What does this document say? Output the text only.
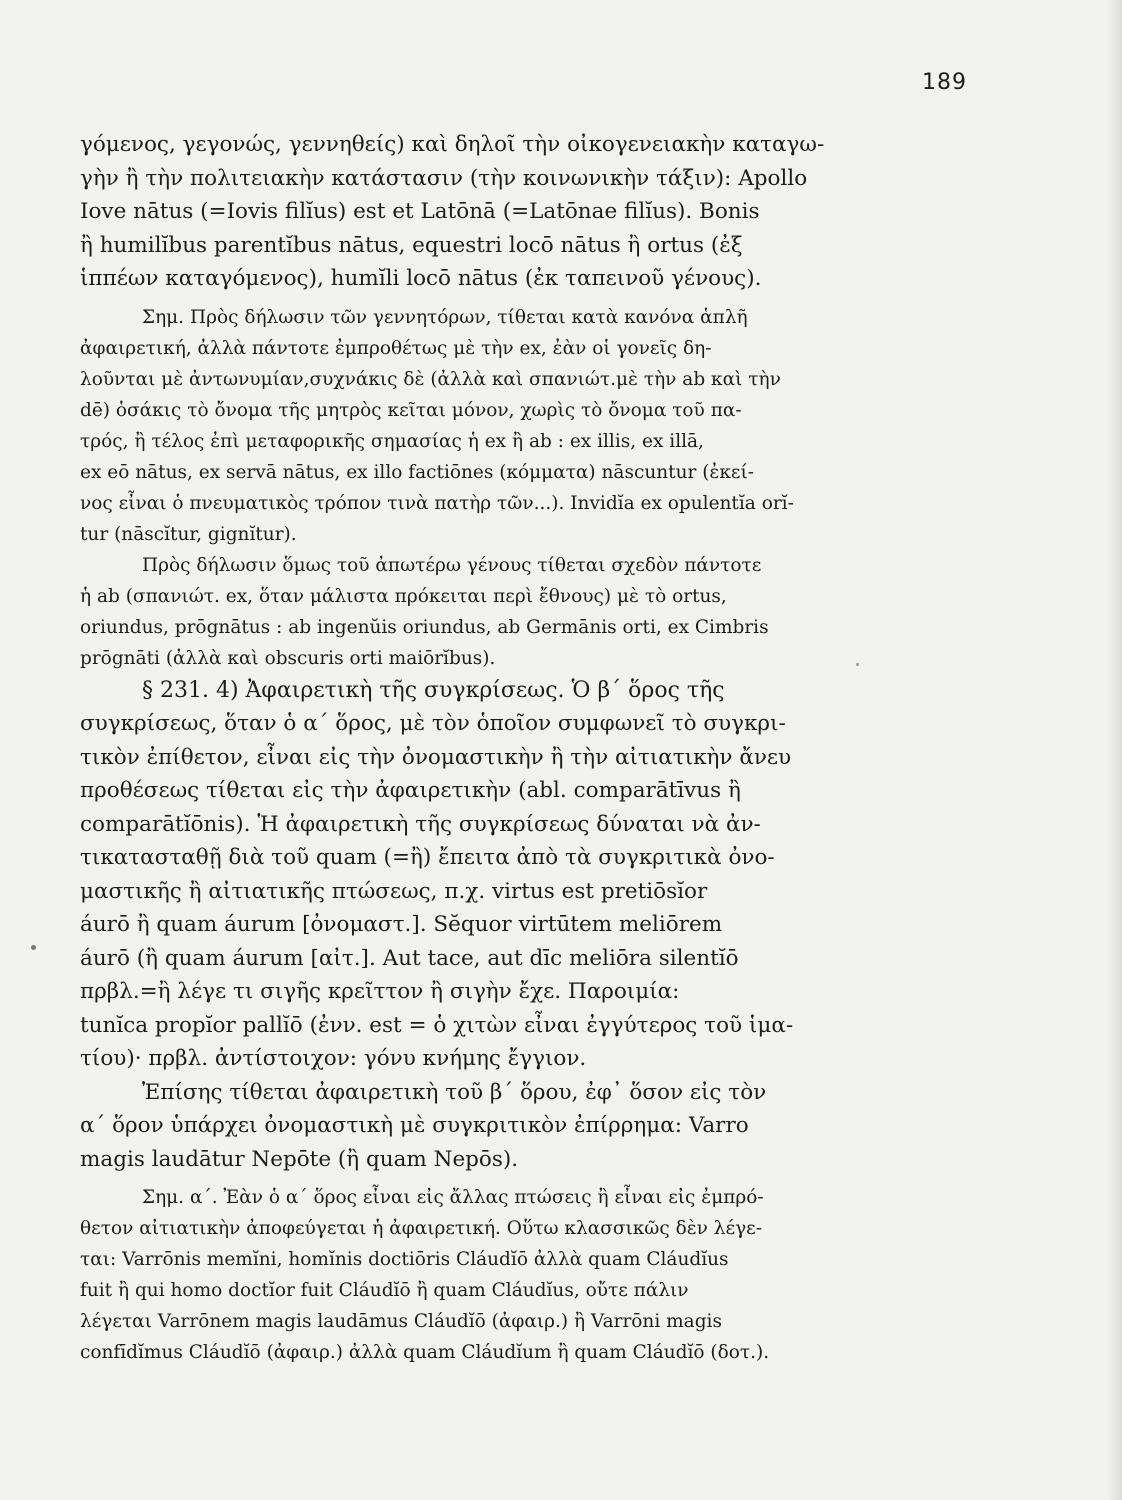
189
γόμενος, γεγονώς, γεννηθείς) καὶ δηλοῖ τὴν οἰκογενειακὴν καταγω-
γὴν ἢ τὴν πολιτειακὴν κατάστασιν (τὴν κοινωνικὴν τάξιν): Apollo
Iove nātus (=Iovis filĭus) est et Latōnā (=Latōnae filĭus). Bonis
ἢ humilĭbus parentĭbus nātus, equestri locō nātus ἢ ortus (ἐξ
ἱππέων καταγόμενος), humĭli locō nātus (ἐκ ταπεινοῦ γένους).
Σημ. Πρὸς δήλωσιν τῶν γεννητόρων, τίθεται κατὰ κανόνα ἁπλῆ
ἀφαιρετική, ἀλλὰ πάντοτε ἐμπροθέτως μὲ τὴν ex, ἐὰν οἱ γονεῖς δη-
λοῦνται μὲ ἀντωνυμίαν,συχνάκις δὲ (ἀλλὰ καὶ σπανιώτ.μὲ τὴν ab καὶ τὴν
dē) ὁσάκις τὸ ὄνομα τῆς μητρὸς κεῖται μόνον, χωρὶς τὸ ὄνομα τοῦ πα-
τρός, ἢ τέλος ἐπὶ μεταφορικῆς σημασίας ἡ ex ἢ ab : ex illis, ex illā,
ex eō nātus, ex servā nātus, ex illo factiōnes (κόμματα) nāscuntur (ἐκεί-
νος εἶναι ὁ πνευματικὸς τρόπον τινὰ πατὴρ τῶν...). Invidĭa ex opulentĭa orĭ-
tur (nāscĭtur, gignĭtur).
Πρὸς δήλωσιν ὅμως τοῦ ἀπωτέρω γένους τίθεται σχεδὸν πάντοτε
ἡ ab (σπανιώτ. ex, ὅταν μάλιστα πρόκειται περὶ ἔθνους) μὲ τὸ ortus,
oriundus, prōgnātus : ab ingenŭis oriundus, ab Germānis orti, ex Cimbris
prōgnāti (ἀλλὰ καὶ obscuris orti maiōrĭbus).
§ 231. 4) Ἀφαιρετικὴ τῆς συγκρίσεως. Ὁ β΄ ὅρος τῆς
συγκρίσεως, ὅταν ὁ α΄ ὅρος, μὲ τὸν ὁποῖον συμφωνεῖ τὸ συγκρι-
τικὸν ἐπίθετον, εἶναι εἰς τὴν ὀνομαστικὴν ἢ τὴν αἰτιατικὴν ἄνευ
προθέσεως τίθεται εἰς τὴν ἀφαιρετικὴν (abl. comparātīvus ἢ
comparātĭōnis). Ἡ ἀφαιρετικὴ τῆς συγκρίσεως δύναται νὰ ἀν-
τικατασταθῇ διὰ τοῦ quam (=ἢ) ἔπειτα ἀπὸ τὰ συγκριτικὰ ὀνο-
μαστικῆς ἢ αἰτιατικῆς πτώσεως, π.χ. virtus est pretiōsĭor
áurō ἢ quam áurum [ὀνομαστ.]. Sĕquor virtūtem meliōrem
áurō (ἢ quam áurum [αἰτ.]. Aut tace, aut dīc meliōra silentĭō
πρβλ.=ἢ λέγε τι σιγῆς κρεῖττον ἢ σιγὴν ἔχε. Παροιμία:
tunĭca propĭor pallĭō (ἐνν. est = ὁ χιτὼν εἶναι ἐγγύτερος τοῦ ἱμα-
τίου)· πρβλ. ἀντίστοιχον: γόνυ κνήμης ἔγγιον.
Ἐπίσης τίθεται ἀφαιρετικὴ τοῦ β΄ ὅρου, ἐφ᾽ ὅσον εἰς τὸν
α΄ ὅρον ὑπάρχει ὀνομαστικὴ μὲ συγκριτικὸν ἐπίρρημα: Varro
magis laudātur Nepōte (ἢ quam Nepōs).
Σημ. α΄. Ἐὰν ὁ α΄ ὅρος εἶναι εἰς ἄλλας πτώσεις ἢ εἶναι εἰς ἐμπρό-
θετον αἰτιατικὴν ἀποφεύγεται ἡ ἀφαιρετική. Οὕτω κλασσικῶς δὲν λέγε-
ται: Varrōnis memĭni, homĭnis doctiōris Cláudĭō ἀλλὰ quam Cláudĭus
fuit ἢ qui homo doctĭor fuit Cláudĭō ἢ quam Cláudĭus, οὔτε πάλιν
λέγεται Varrōnem magis laudāmus Cláudĭō (ἀφαιρ.) ἢ Varrōni magis
confīdĭmus Cláudĭō (ἀφαιρ.) ἀλλὰ quam Cláudĭum ἢ quam Cláudĭō (δοτ.).
